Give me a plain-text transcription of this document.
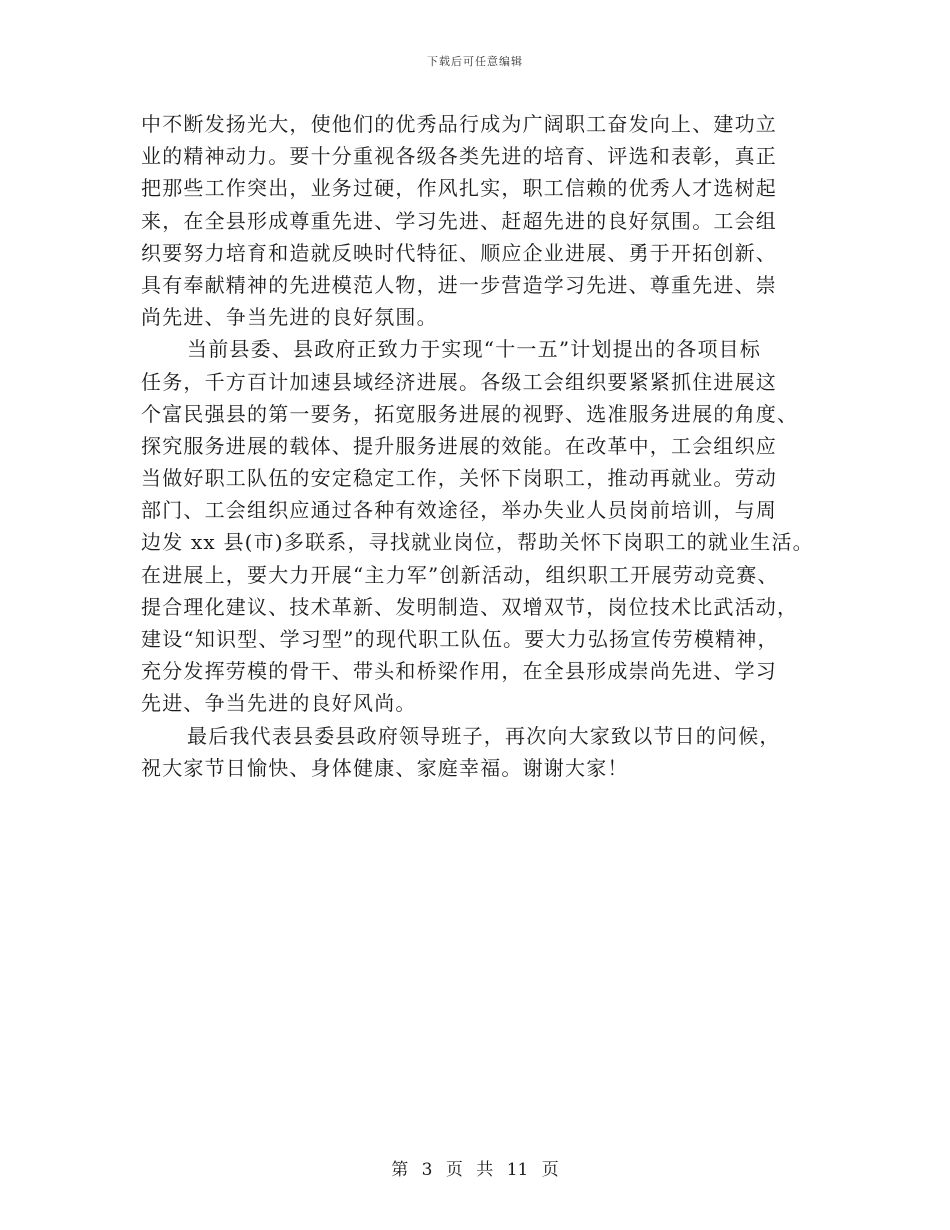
下载后可任意编辑
中不断发扬光大，使他们的优秀品行成为广阔职工奋发向上、建功立
业的精神动力。要十分重视各级各类先进的培育、评选和表彰，真正
把那些工作突出，业务过硬，作风扎实，职工信赖的优秀人才选树起
来，在全县形成尊重先进、学习先进、赶超先进的良好氛围。工会组
织要努力培育和造就反映时代特征、顺应企业进展、勇于开拓创新、
具有奉献精神的先进模范人物，进一步营造学习先进、尊重先进、崇
尚先进、争当先进的良好氛围。
当前县委、县政府正致力于实现“十一五”计划提出的各项目标
任务，千方百计加速县域经济进展。各级工会组织要紧紧抓住进展这
个富民强县的第一要务，拓宽服务进展的视野、选准服务进展的角度、
探究服务进展的载体、提升服务进展的效能。在改革中，工会组织应
当做好职工队伍的安定稳定工作，关怀下岗职工，推动再就业。劳动
部门、工会组织应通过各种有效途径，举办失业人员岗前培训，与周
边发 xx 县(市)多联系，寻找就业岗位，帮助关怀下岗职工的就业生活。
在进展上，要大力开展“主力军”创新活动，组织职工开展劳动竞赛、
提合理化建议、技术革新、发明制造、双增双节，岗位技术比武活动，
建设“知识型、学习型”的现代职工队伍。要大力弘扬宣传劳模精神，
充分发挥劳模的骨干、带头和桥梁作用，在全县形成崇尚先进、学习
先进、争当先进的良好风尚。
最后我代表县委县政府领导班子，再次向大家致以节日的问候，
祝大家节日愉快、身体健康、家庭幸福。谢谢大家！
第 3 页 共 11 页
